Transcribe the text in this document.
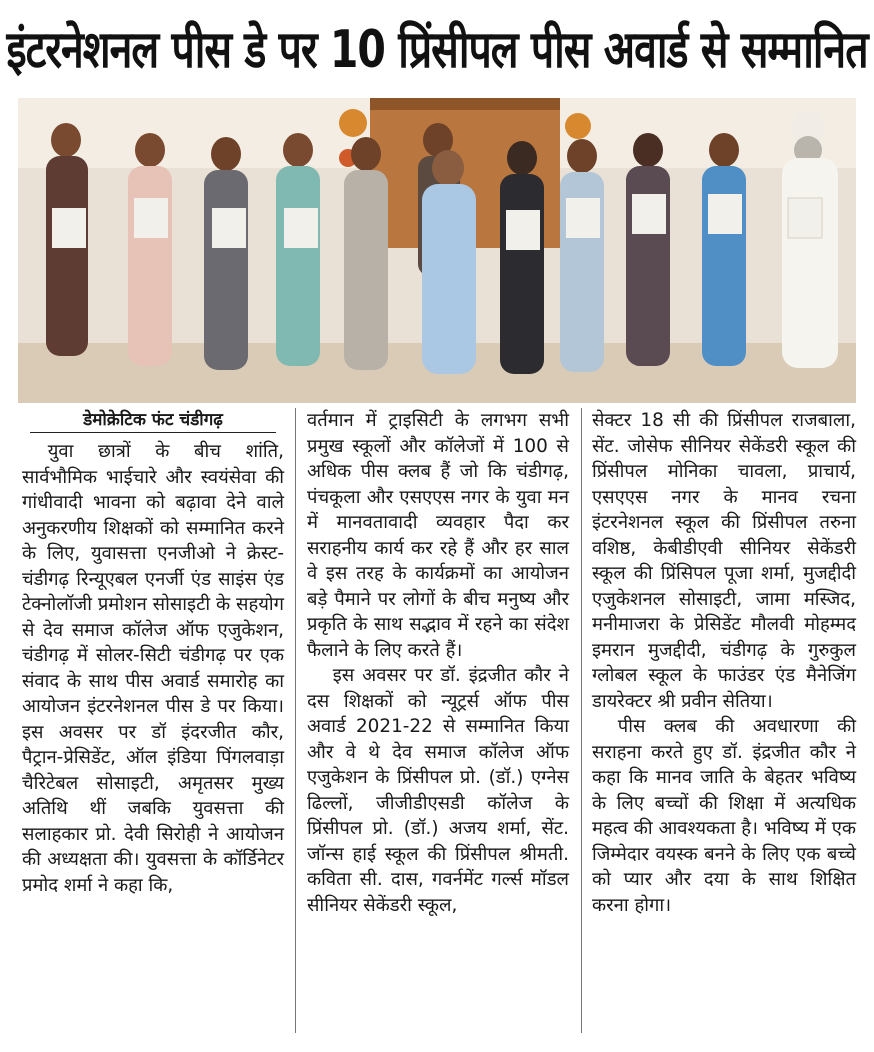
इंटरनेशनल पीस डे पर 10 प्रिंसीपल पीस अवार्ड से सम्मानित
डेमोक्रेटिक फंट चंडीगढ़

युवा छात्रों के बीच शांति, सार्वभौमिक भाईचारे और स्वयंसेवा की गांधीवादी भावना को बढ़ावा देने वाले अनुकरणीय शिक्षकों को सम्मानित करने के लिए, युवासत्ता एनजीओ ने क्रेस्ट-चंडीगढ़ रिन्यूएबल एनर्जी एंड साइंस एंड टेक्नोलॉजी प्रमोशन सोसाइटी के सहयोग से देव समाज कॉलेज ऑफ एजुकेशन, चंडीगढ़ में सोलर-सिटी चंडीगढ़ पर एक संवाद के साथ पीस अवार्ड समारोह का आयोजन इंटरनेशनल पीस डे पर किया। इस अवसर पर डॉ इंदरजीत कौर, पैट्रान-प्रेसिडेंट, ऑल इंडिया पिंगलवाड़ा चैरिटेबल सोसाइटी, अमृतसर मुख्य अतिथि थीं जबकि युवसत्ता की सलाहकार प्रो. देवी सिरोही ने आयोजन की अध्यक्षता की। युवसत्ता के कॉर्डिनेटर प्रमोद शर्मा ने कहा कि,

वर्तमान में ट्राइसिटी के लगभग सभी प्रमुख स्कूलों और कॉलेजों में 100 से अधिक पीस क्लब हैं जो कि चंडीगढ़, पंचकूला और एसएएस नगर के युवा मन में मानवतावादी व्यवहार पैदा कर सराहनीय कार्य कर रहे हैं और हर साल वे इस तरह के कार्यक्रमों का आयोजन बड़े पैमाने पर लोगों के बीच मनुष्य और प्रकृति के साथ सद्भाव में रहने का संदेश फैलाने के लिए करते हैं।

इस अवसर पर डॉ. इंद्रजीत कौर ने दस शिक्षकों को न्यूट्रर्स ऑफ पीस अवार्ड 2021-22 से सम्मानित किया और वे थे देव समाज कॉलेज ऑफ एजुकेशन के प्रिंसीपल प्रो. (डॉ.) एग्नेस ढिल्लों, जीजीडीएसडी कॉलेज के प्रिंसीपल प्रो. (डॉ.) अजय शर्मा, सेंट. जॉन्स हाई स्कूल की प्रिंसीपल श्रीमती. कविता सी. दास, गवर्नमेंट गर्ल्स मॉडल सीनियर सेकेंडरी स्कूल,

सेक्टर 18 सी की प्रिंसीपल राजबाला, सेंट. जोसेफ सीनियर सेकेंडरी स्कूल की प्रिंसीपल मोनिका चावला, प्राचार्य, एसएएस नगर के मानव रचना इंटरनेशनल स्कूल की प्रिंसीपल तरुना वशिष्ठ, केबीडीएवी सीनियर सेकेंडरी स्कूल की प्रिंसिपल पूजा शर्मा, मुजद्दीदी एजुकेशनल सोसाइटी, जामा मस्जिद, मनीमाजरा के प्रेसिडेंट मौलवी मोहम्मद इमरान मुजद्दीदी, चंडीगढ़ के गुरुकुल ग्लोबल स्कूल के फाउंडर एंड मैनेजिंग डायरेक्टर श्री प्रवीन सेतिया।

पीस क्लब की अवधारणा की सराहना करते हुए डॉ. इंद्रजीत कौर ने कहा कि मानव जाति के बेहतर भविष्य के लिए बच्चों की शिक्षा में अत्यधिक महत्व की आवश्यकता है। भविष्य में एक जिम्मेदार वयस्क बनने के लिए एक बच्चे को प्यार और दया के साथ शिक्षित करना होगा।
